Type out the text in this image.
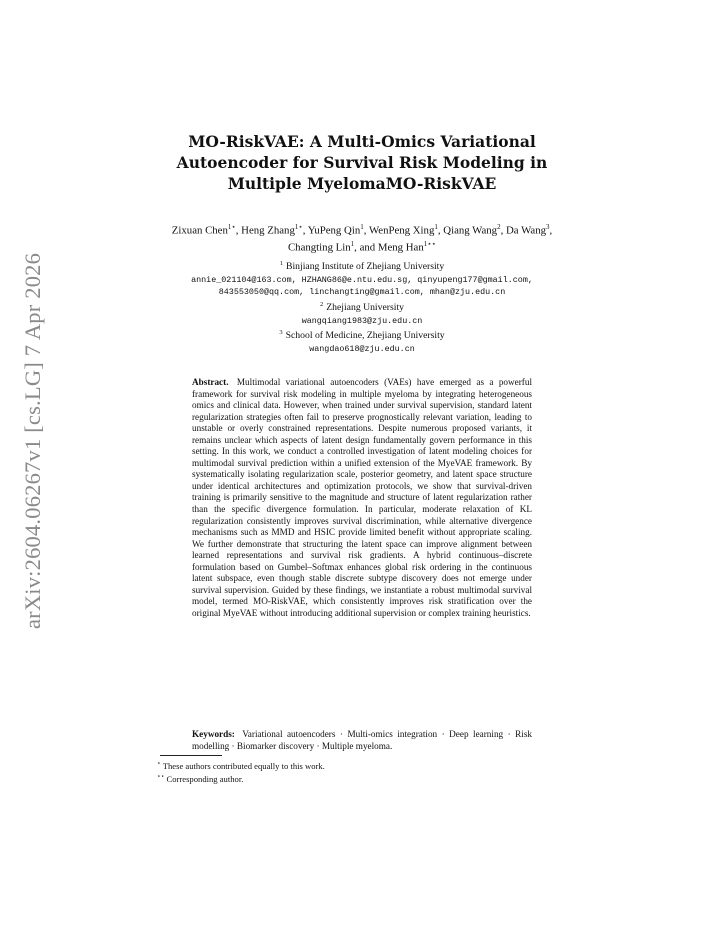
arXiv:2604.06267v1 [cs.LG] 7 Apr 2026
MO-RiskVAE: A Multi-Omics Variational Autoencoder for Survival Risk Modeling in Multiple MyelomaMO-RiskVAE
Zixuan Chen$^{1⋆}$, Heng Zhang$^{1⋆}$, YuPeng Qin$^1$, WenPeng Xing$^1$, Qiang Wang$^2$, Da Wang$^3$, Changting Lin$^1$, and Meng Han$^{1⋆⋆}$
$^1$ Binjiang Institute of Zhejiang University
annie_021104@163.com, HZHANG86@e.ntu.edu.sg, qinyupeng177@gmail.com,
843553050@qq.com, linchangting@gmail.com, mhan@zju.edu.cn
$^2$ Zhejiang University
wangqiang1983@zju.edu.cn
$^3$ School of Medicine, Zhejiang University
wangdao618@zju.edu.cn
Abstract. Multimodal variational autoencoders (VAEs) have emerged as a powerful framework for survival risk modeling in multiple myeloma by integrating heterogeneous omics and clinical data. However, when trained under survival supervision, standard latent regularization strategies often fail to preserve prognostically relevant variation, leading to unstable or overly constrained representations. Despite numerous proposed variants, it remains unclear which aspects of latent design fundamentally govern performance in this setting. In this work, we conduct a controlled investigation of latent modeling choices for multimodal survival prediction within a unified extension of the MyeVAE framework. By systematically isolating regularization scale, posterior geometry, and latent space structure under identical architectures and optimization protocols, we show that survival-driven training is primarily sensitive to the magnitude and structure of latent regularization rather than the specific divergence formulation. In particular, moderate relaxation of KL regularization consistently improves survival discrimination, while alternative divergence mechanisms such as MMD and HSIC provide limited benefit without appropriate scaling. We further demonstrate that structuring the latent space can improve alignment between learned representations and survival risk gradients. A hybrid continuous–discrete formulation based on Gumbel–Softmax enhances global risk ordering in the continuous latent subspace, even though stable discrete subtype discovery does not emerge under survival supervision. Guided by these findings, we instantiate a robust multimodal survival model, termed MO-RiskVAE, which consistently improves risk stratification over the original MyeVAE without introducing additional supervision or complex training heuristics.
Keywords: Variational autoencoders · Multi-omics integration · Deep learning · Risk modelling · Biomarker discovery · Multiple myeloma.
⋆ These authors contributed equally to this work.
⋆⋆ Corresponding author.
